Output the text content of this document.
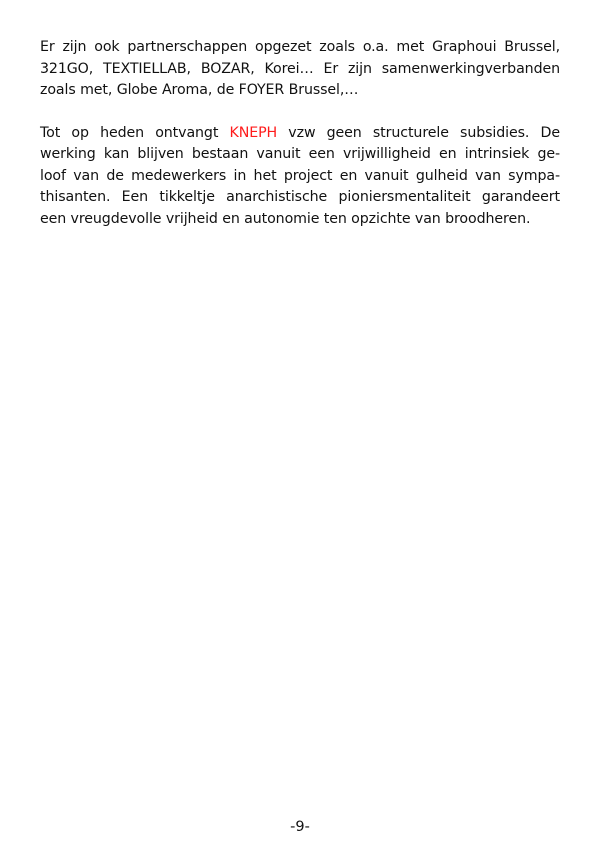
Er zijn ook partnerschappen opgezet zoals o.a. met Graphoui Brussel,
321GO, TEXTIELLAB, BOZAR, Korei… Er zijn samenwerkingverbanden
zoals met, Globe Aroma, de FOYER Brussel,…

Tot op heden ontvangt KNEPH vzw geen structurele subsidies. De
werking kan blijven bestaan vanuit een vrijwilligheid en intrinsiek ge-
loof van de medewerkers in het project en vanuit gulheid van sympa-
thisanten. Een tikkeltje anarchistische pioniersmentaliteit garandeert
een vreugdevolle vrijheid en autonomie ten opzichte van broodheren.

-9-
